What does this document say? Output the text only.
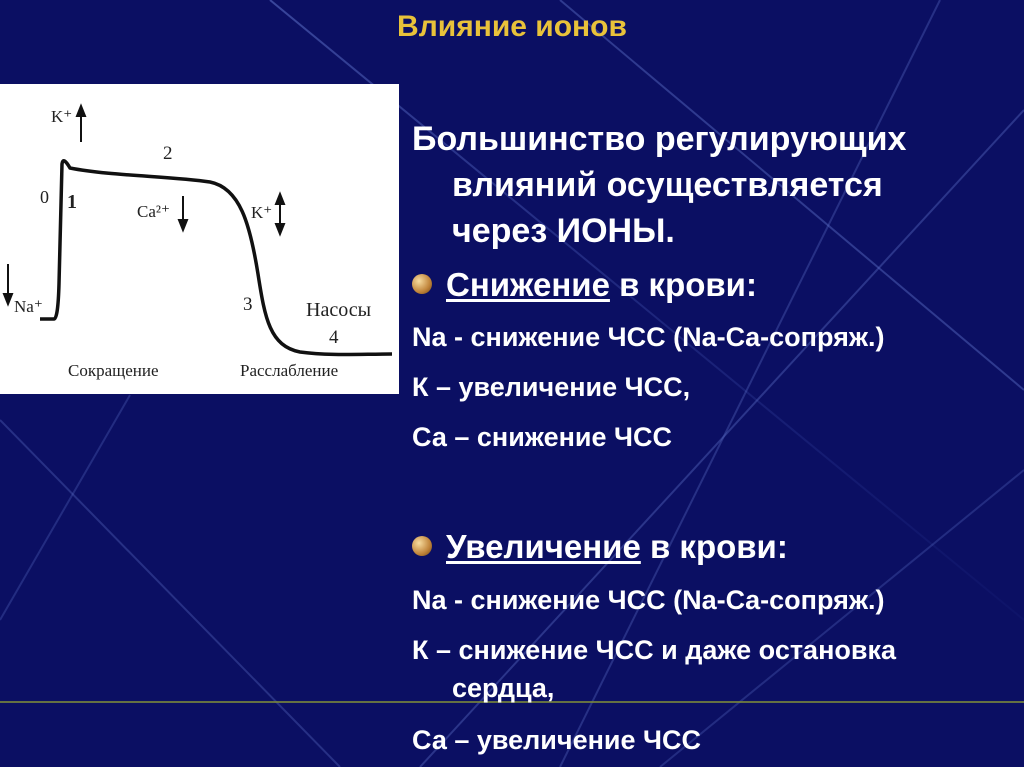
Влияние ионов
K⁺
2
0 1	Ca²⁺	K⁺
Na⁺	3	Насосы
4
Сокращение	Расслабление
Большинство регулирующих
влияний осуществляется
через ИОНЫ.
Снижение в крови:
Na - снижение ЧСС (Na-Ca-сопряж.)
К – увеличение ЧСС,
Са – снижение ЧСС
Увеличение в крови:
Na - снижение ЧСС (Na-Ca-сопряж.)
К – снижение ЧСС и даже остановка
сердца,
Са – увеличение ЧСС
